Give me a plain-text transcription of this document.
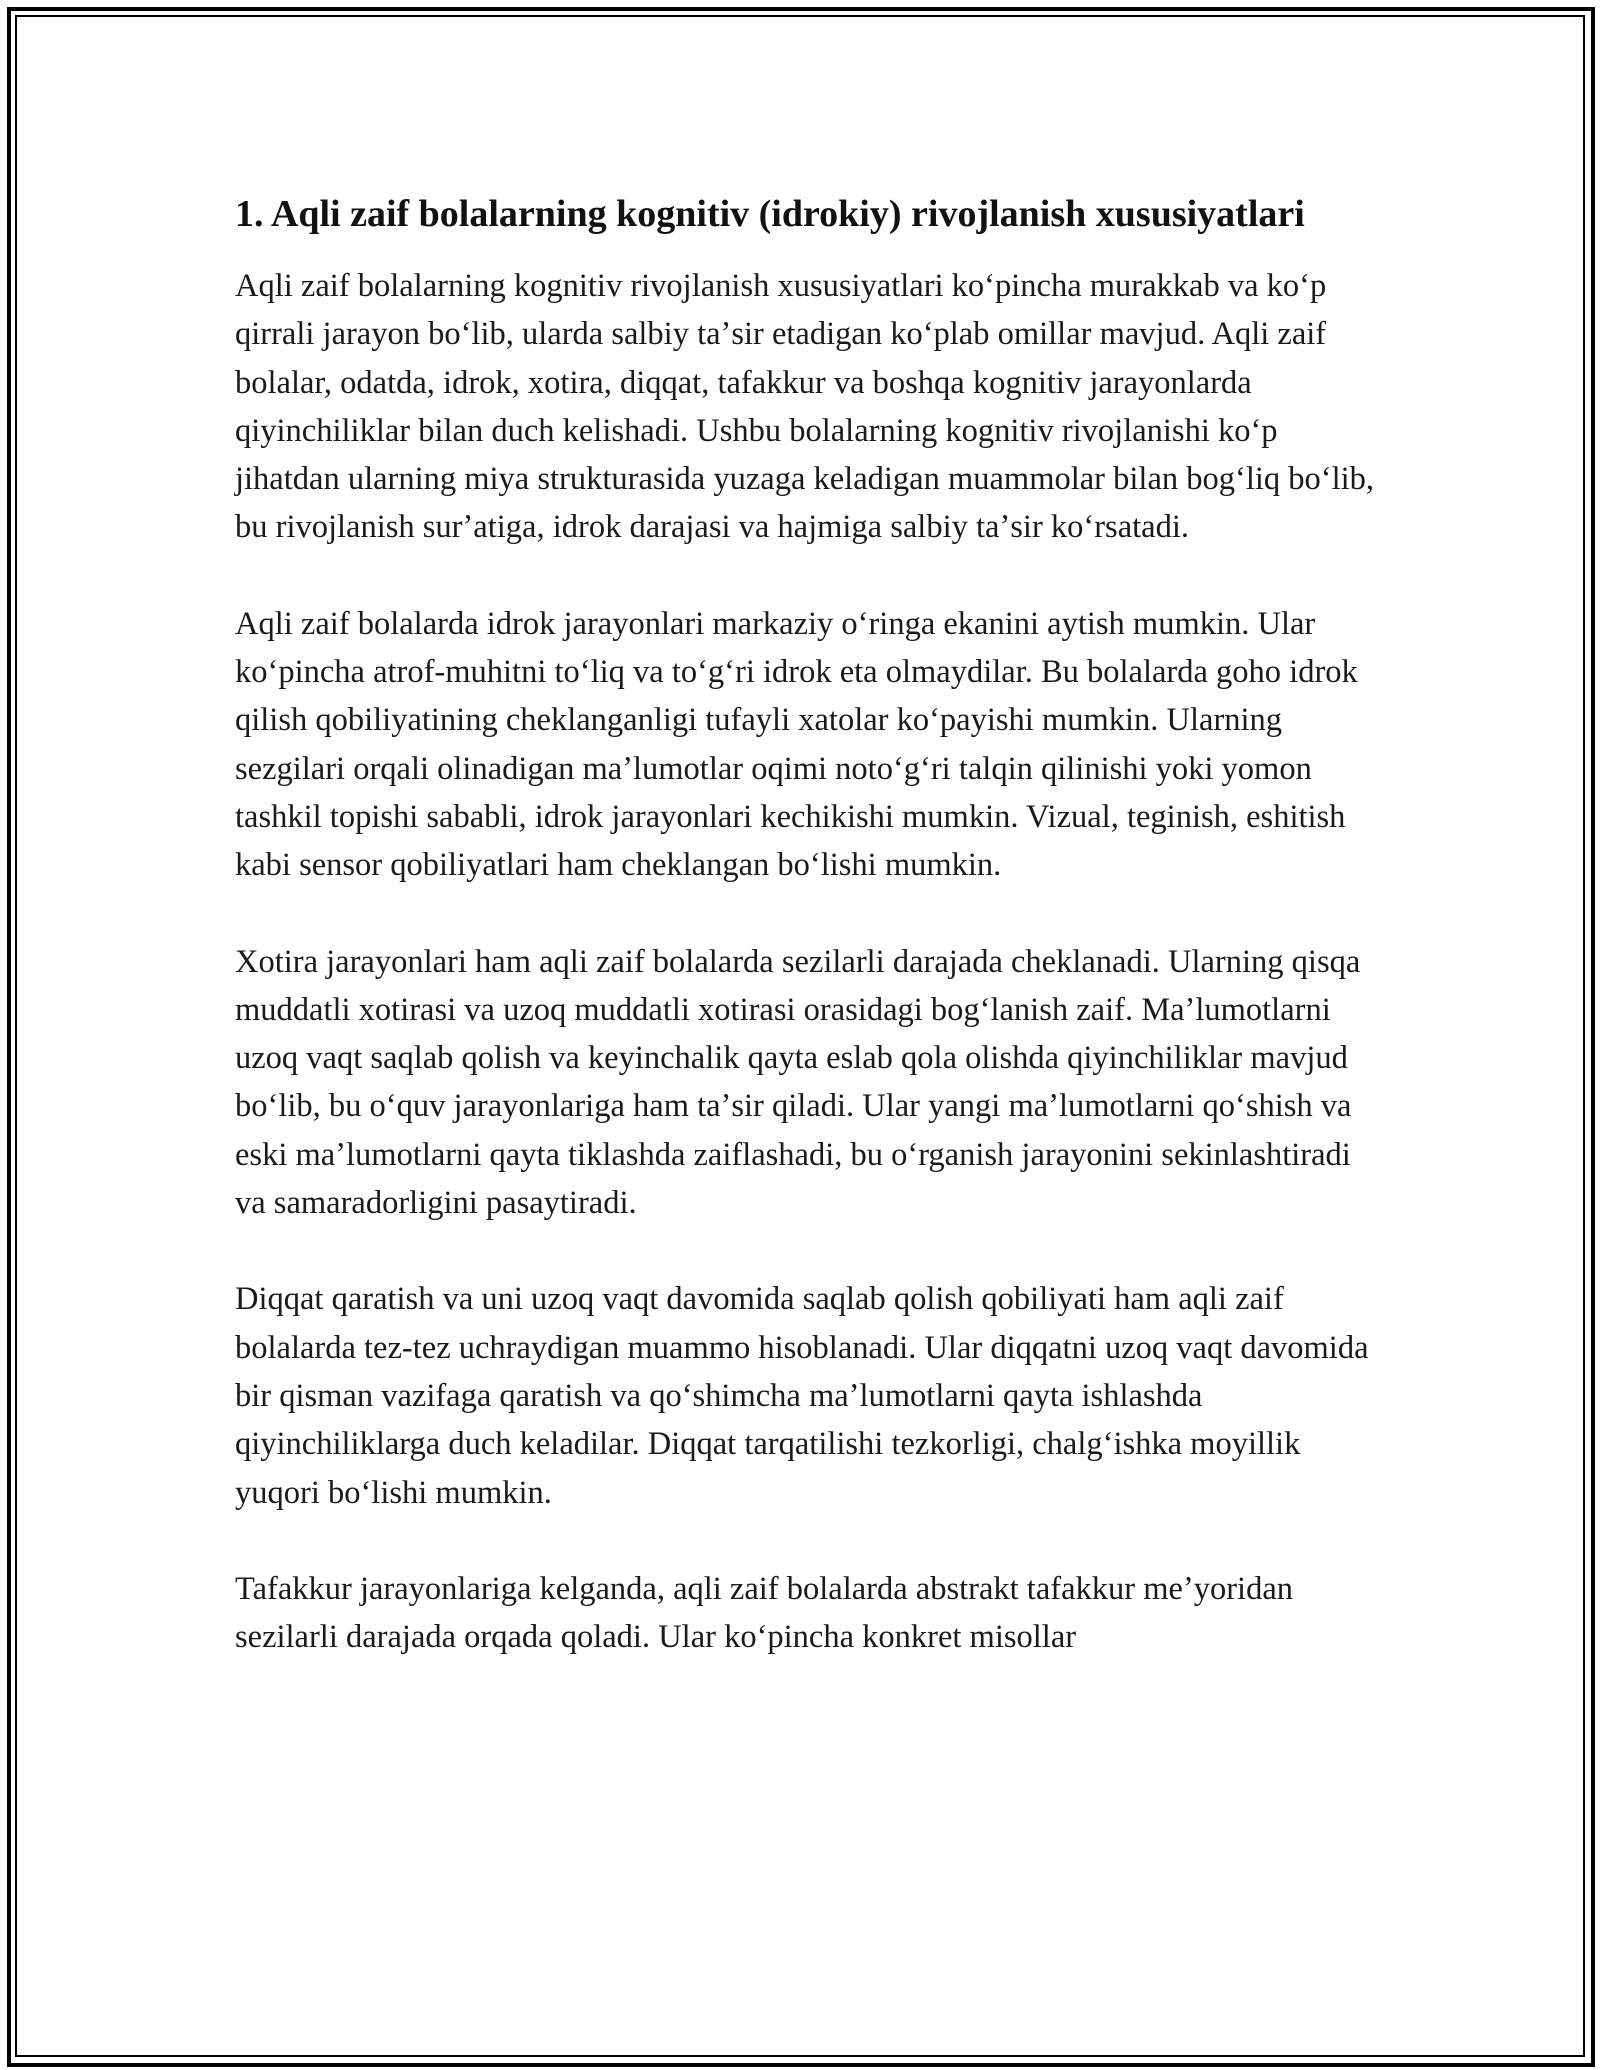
1. Aqli zaif bolalarning kognitiv (idrokiy) rivojlanish xususiyatlari

Aqli zaif bolalarning kognitiv rivojlanish xususiyatlari koʻpincha murakkab va koʻp qirrali jarayon boʻlib, ularda salbiy taʼsir etadigan koʻplab omillar mavjud. Aqli zaif bolalar, odatda, idrok, xotira, diqqat, tafakkur va boshqa kognitiv jarayonlarda qiyinchiliklar bilan duch kelishadi. Ushbu bolalarning kognitiv rivojlanishi koʻp jihatdan ularning miya strukturasida yuzaga keladigan muammolar bilan bogʻliq boʻlib, bu rivojlanish surʼatiga, idrok darajasi va hajmiga salbiy taʼsir koʻrsatadi.

Aqli zaif bolalarda idrok jarayonlari markaziy oʻringa ekanini aytish mumkin. Ular koʻpincha atrof-muhitni toʻliq va toʻgʻri idrok eta olmaydilar. Bu bolalarda goho idrok qilish qobiliyatining cheklanganligi tufayli xatolar koʻpayishi mumkin. Ularning sezgilari orqali olinadigan maʼlumotlar oqimi notoʻgʻri talqin qilinishi yoki yomon tashkil topishi sababli, idrok jarayonlari kechikishi mumkin. Vizual, teginish, eshitish kabi sensor qobiliyatlari ham cheklangan boʻlishi mumkin.

Xotira jarayonlari ham aqli zaif bolalarda sezilarli darajada cheklanadi. Ularning qisqa muddatli xotirasi va uzoq muddatli xotirasi orasidagi bogʻlanish zaif. Maʼlumotlarni uzoq vaqt saqlab qolish va keyinchalik qayta eslab qola olishda qiyinchiliklar mavjud boʻlib, bu oʻquv jarayonlariga ham taʼsir qiladi. Ular yangi maʼlumotlarni qoʻshish va eski maʼlumotlarni qayta tiklashda zaiflashadi, bu oʻrganish jarayonini sekinlashtiradi va samaradorligini pasaytiradi.

Diqqat qaratish va uni uzoq vaqt davomida saqlab qolish qobiliyati ham aqli zaif bolalarda tez-tez uchraydigan muammo hisoblanadi. Ular diqqatni uzoq vaqt davomida bir qisman vazifaga qaratish va qoʻshimcha maʼlumotlarni qayta ishlashda qiyinchiliklarga duch keladilar. Diqqat tarqatilishi tezkorligi, chalgʻishka moyillik yuqori boʻlishi mumkin.

Tafakkur jarayonlariga kelganda, aqli zaif bolalarda abstrakt tafakkur meʼyoridan sezilarli darajada orqada qoladi. Ular koʻpincha konkret misollar
